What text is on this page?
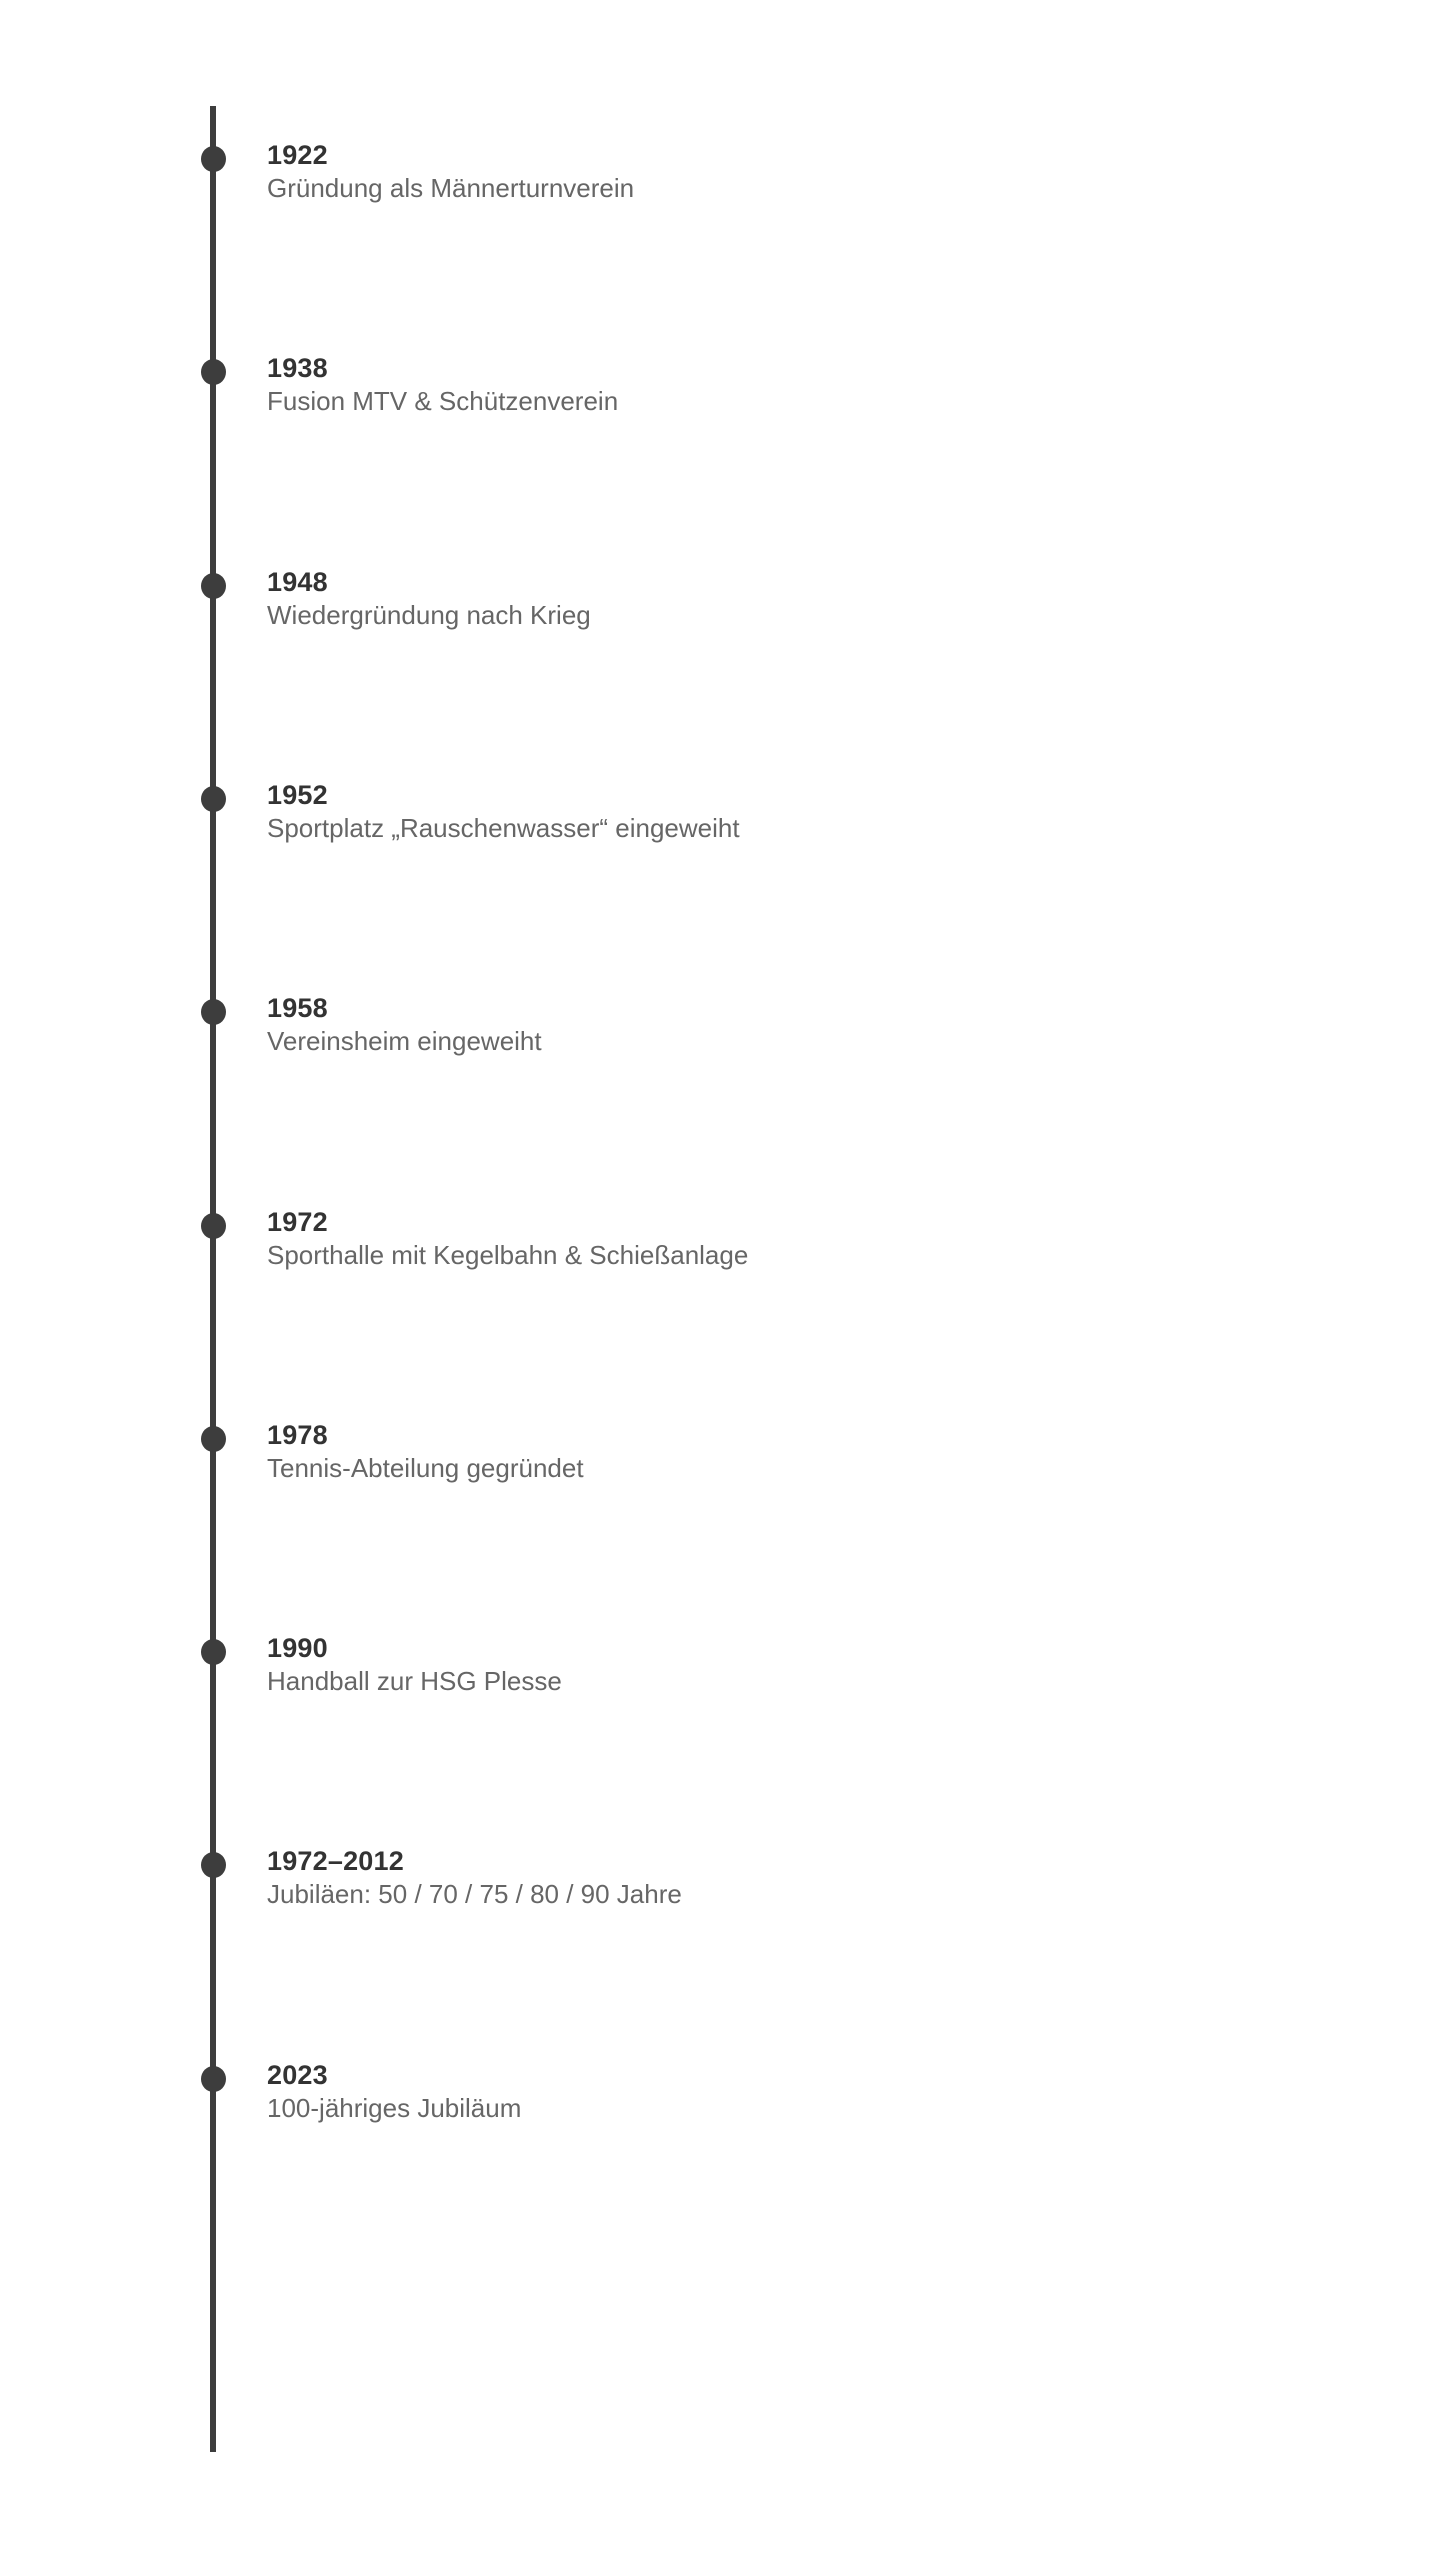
1922
Gründung als Männerturnverein
1938
Fusion MTV & Schützenverein
1948
Wiedergründung nach Krieg
1952
Sportplatz „Rauschenwasser“ eingeweiht
1958
Vereinsheim eingeweiht
1972
Sporthalle mit Kegelbahn & Schießanlage
1978
Tennis-Abteilung gegründet
1990
Handball zur HSG Plesse
1972–2012
Jubiläen: 50 / 70 / 75 / 80 / 90 Jahre
2023
100-jähriges Jubiläum
